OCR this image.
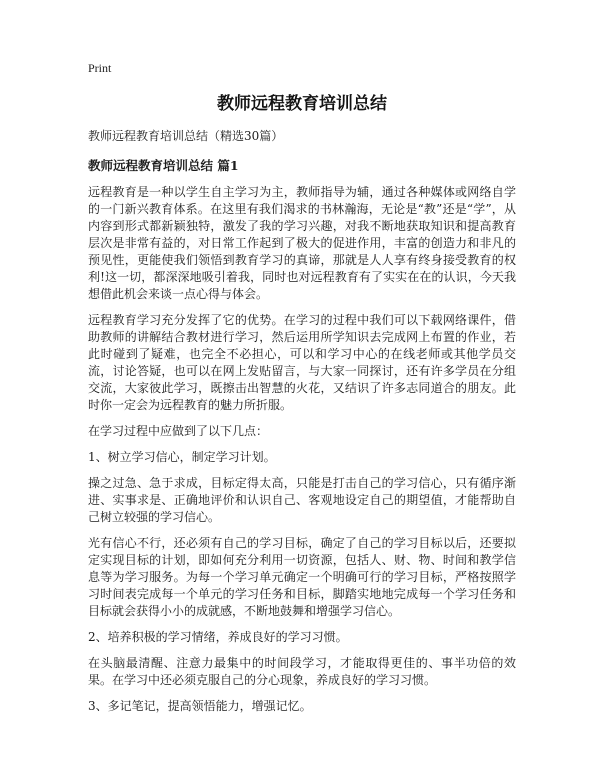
Print
教师远程教育培训总结
教师远程教育培训总结（精选30篇）
教师远程教育培训总结 篇1

远程教育是一种以学生自主学习为主，教师指导为辅，通过各种媒体或网络自学的一门新兴教育体系。在这里有我们渴求的书林瀚海，无论是“教”还是“学”，从内容到形式都新颖独特，激发了我的学习兴趣，对我不断地获取知识和提高教育层次是非常有益的，对日常工作起到了极大的促进作用，丰富的创造力和非凡的预见性，更能使我们领悟到教育学习的真谛，那就是人人享有终身接受教育的权利!这一切，都深深地吸引着我，同时也对远程教育有了实实在在的认识，今天我想借此机会来谈一点心得与体会。

远程教育学习充分发挥了它的优势。在学习的过程中我们可以下载网络课件，借助教师的讲解结合教材进行学习，然后运用所学知识去完成网上布置的作业，若此时碰到了疑难，也完全不必担心，可以和学习中心的在线老师或其他学员交流，讨论答疑，也可以在网上发贴留言，与大家一同探讨，还有许多学员在分组交流，大家彼此学习，既擦击出智慧的火花，又结识了许多志同道合的朋友。此时你一定会为远程教育的魅力所折服。

在学习过程中应做到了以下几点：

1、树立学习信心，制定学习计划。

操之过急、急于求成，目标定得太高，只能是打击自己的学习信心，只有循序渐进、实事求是、正确地评价和认识自己、客观地设定自己的期望值，才能帮助自己树立较强的学习信心。

光有信心不行，还必须有自己的学习目标，确定了自己的学习目标以后，还要拟定实现目标的计划，即如何充分利用一切资源，包括人、财、物、时间和教学信息等为学习服务。为每一个学习单元确定一个明确可行的学习目标，严格按照学习时间表完成每一个单元的学习任务和目标，脚踏实地地完成每一个学习任务和目标就会获得小小的成就感，不断地鼓舞和增强学习信心。

2、培养积极的学习情绪，养成良好的学习习惯。

在头脑最清醒、注意力最集中的时间段学习，才能取得更佳的、事半功倍的效果。在学习中还必须克服自己的分心现象，养成良好的学习习惯。

3、多记笔记，提高领悟能力，增强记忆。
